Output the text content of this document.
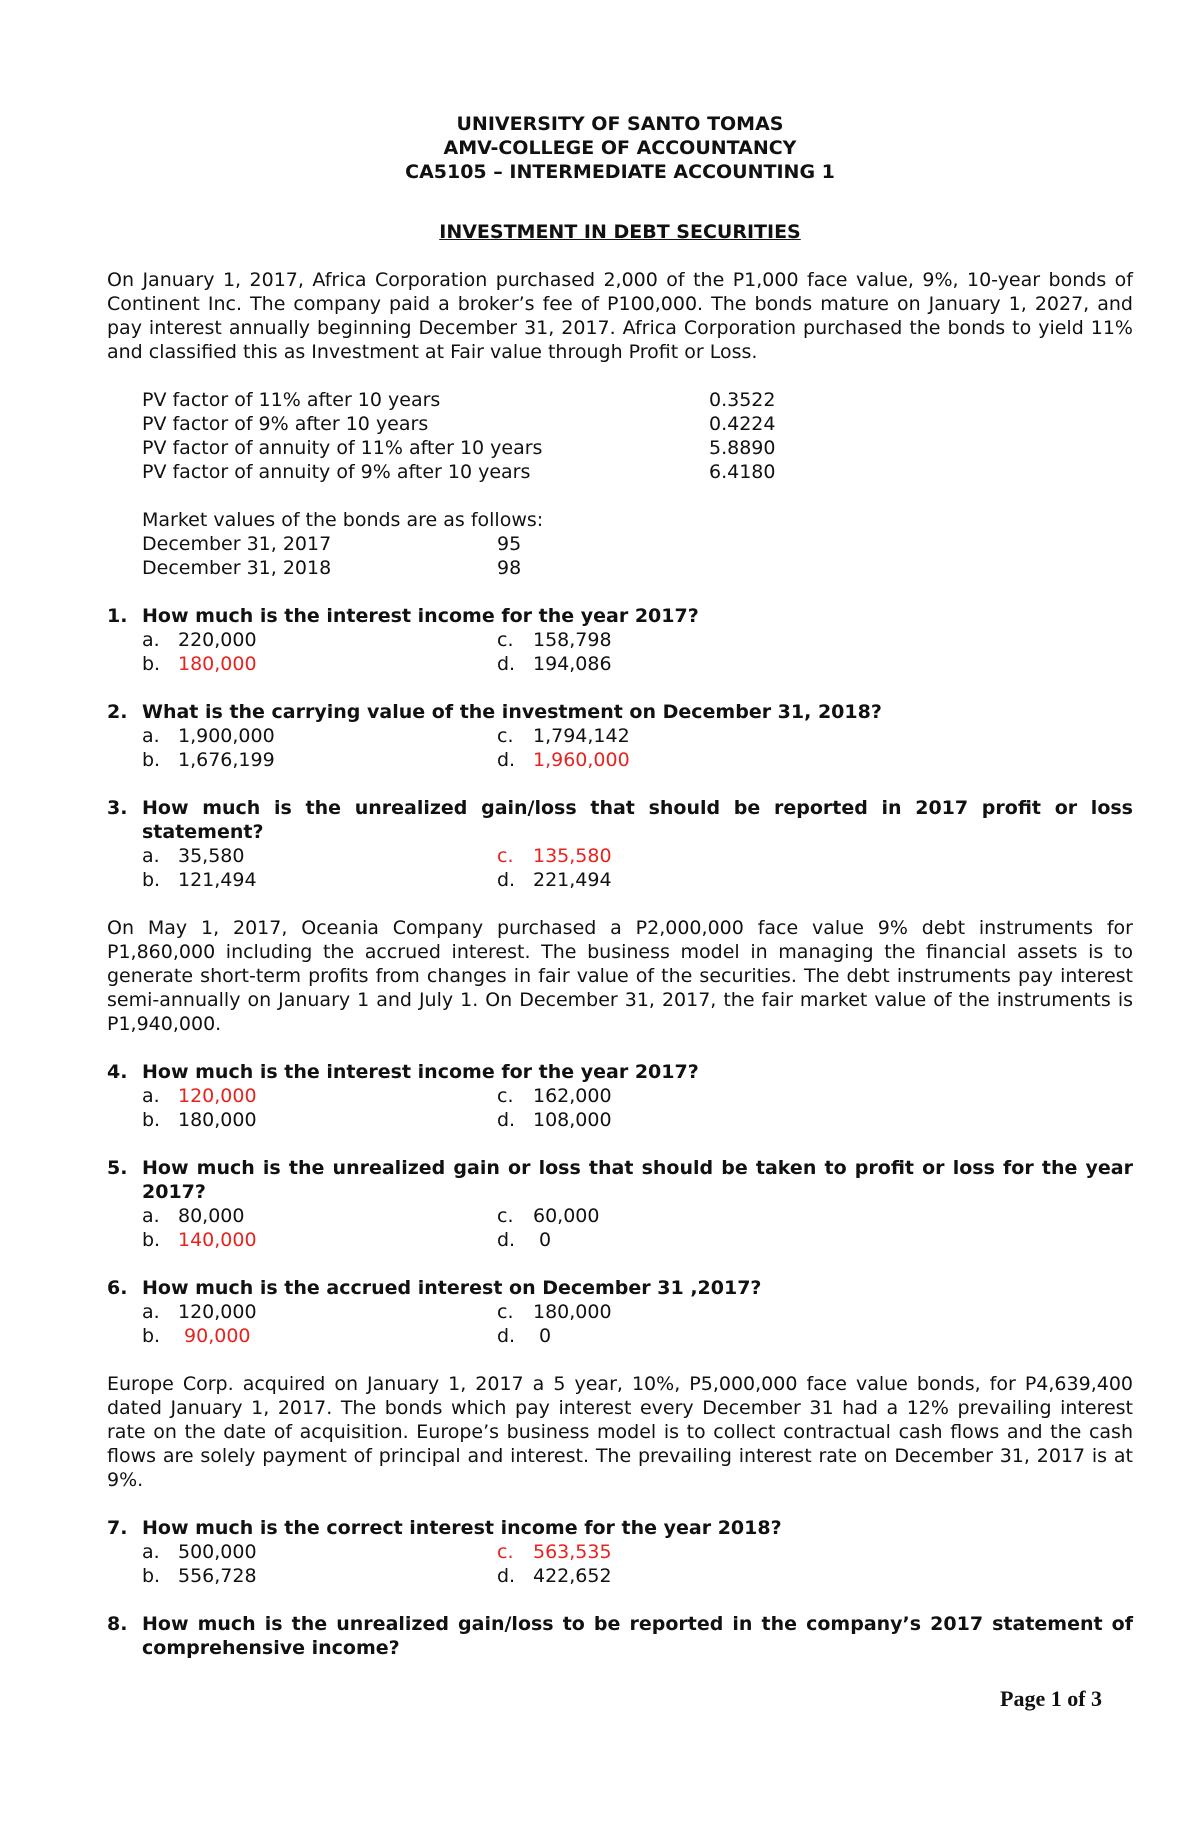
UNIVERSITY OF SANTO TOMAS
AMV-COLLEGE OF ACCOUNTANCY
CA5105 – INTERMEDIATE ACCOUNTING 1
INVESTMENT IN DEBT SECURITIES

On January 1, 2017, Africa Corporation purchased 2,000 of the P1,000 face value, 9%, 10-year bonds of Continent Inc. The company paid a broker’s fee of P100,000. The bonds mature on January 1, 2027, and pay interest annually beginning December 31, 2017. Africa Corporation purchased the bonds to yield 11% and classified this as Investment at Fair value through Profit or Loss.

PV factor of 11% after 10 years	0.3522
PV factor of 9% after 10 years	0.4224
PV factor of annuity of 11% after 10 years	5.8890
PV factor of annuity of 9% after 10 years	6.4180
Market values of the bonds are as follows:
December 31, 2017	95
December 31, 2018	98
1. How much is the interest income for the year 2017?
a. 220,000	c.	158,798
b. 180,000	d. 194,086
2. What is the carrying value of the investment on December 31, 2018?
a. 1,900,000	c.	1,794,142
b. 1,676,199	d. 1,960,000
3. How much is the unrealized gain/loss that should be reported in 2017 profit or loss statement?
a. 35,580	c.	135,580
b. 121,494	d. 221,494

On May 1, 2017, Oceania Company purchased a P2,000,000 face value 9% debt instruments for P1,860,000 including the accrued interest. The business model in managing the financial assets is to generate short-term profits from changes in fair value of the securities. The debt instruments pay interest semi-annually on January 1 and July 1. On December 31, 2017, the fair market value of the instruments is P1,940,000.

4. How much is the interest income for the year 2017?
a. 120,000	c.	162,000
b. 180,000	d. 108,000
5. How much is the unrealized gain or loss that should be taken to profit or loss for the year 2017?
a. 80,000	c.	60,000
b. 140,000	d. 0
6. How much is the accrued interest on December 31 ,2017?
a. 120,000	c.	180,000
b. 90,000	d. 0

Europe Corp. acquired on January 1, 2017 a 5 year, 10%, P5,000,000 face value bonds, for P4,639,400 dated January 1, 2017. The bonds which pay interest every December 31 had a 12% prevailing interest rate on the date of acquisition. Europe’s business model is to collect contractual cash flows and the cash flows are solely payment of principal and interest. The prevailing interest rate on December 31, 2017 is at 9%.

7. How much is the correct interest income for the year 2018?
a. 500,000	c.	563,535
b. 556,728	d. 422,652
8. How much is the unrealized gain/loss to be reported in the company’s 2017 statement of comprehensive income?
Page 1 of 3
